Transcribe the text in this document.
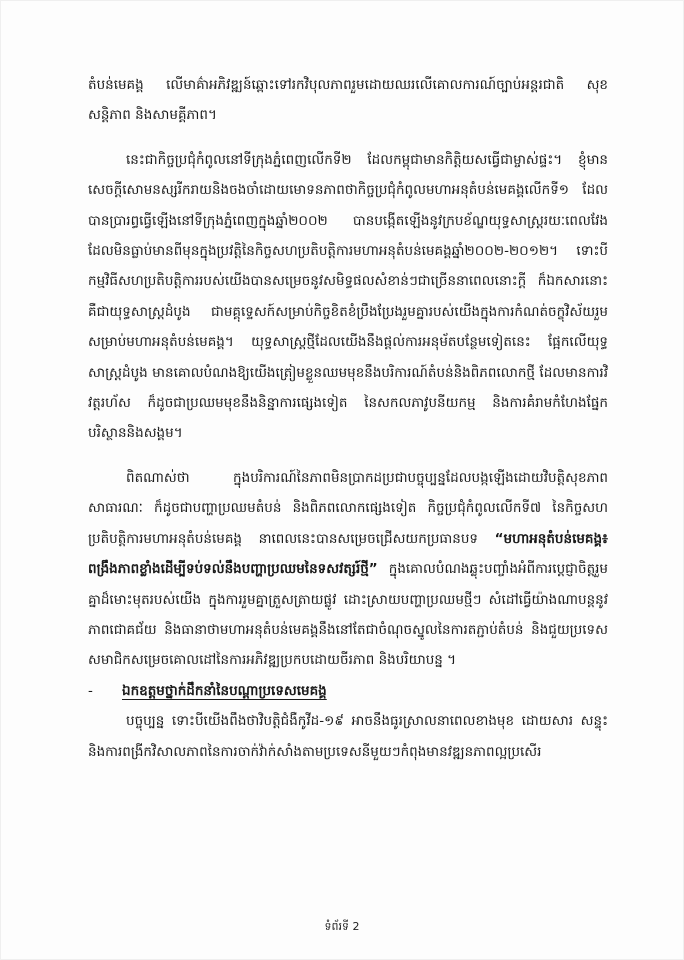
តំបន់មេគង្គ លើមាគ៌ាអភិវឌ្ឍន៍ឆ្ពោះទៅរកវិបុលភាពរួមដោយឈរលើគោលការណ៍ច្បាប់អន្តរជាតិ សុខសន្តិភាព និងសាមគ្គីភាព។

នេះជាកិច្ចប្រជុំកំពូលនៅទីក្រុងភ្នំពេញលើកទី២ ដែលកម្ពុជាមានកិត្តិយសធ្វើជាម្ចាស់ផ្ទះ។ ខ្ញុំមានសេចក្តីសោមនស្សរីករាយនិងចងចាំដោយមោទនភាពថាកិច្ចប្រជុំកំពូលមហាអនុតំបន់មេគង្គលើកទី១ ដែលបានប្រារព្ធធ្វើឡើងនៅទីក្រុងភ្នំពេញក្នុងឆ្នាំ២០០២ បានបង្កើតឡើងនូវក្របខ័ណ្ឌយុទ្ធសាស្ត្ររយៈពេលវែង ដែលមិនធ្លាប់មានពីមុនក្នុងប្រវត្តិនៃកិច្ចសហប្រតិបត្តិការមហាអនុតំបន់មេគង្គឆ្នាំ២០០២-២០១២។ ទោះបីកម្មវិធីសហប្រតិបត្តិការរបស់យើងបានសម្រេចនូវសមិទ្ធផលសំខាន់ៗជាច្រើននាពេលនោះក្តី ក៏ឯកសារនោះគឺជាយុទ្ធសាស្ត្រដំបូង ជាមគ្គុទ្ទេសក៍សម្រាប់កិច្ចខិតខំប្រឹងប្រែងរួមគ្នារបស់យើងក្នុងការកំណត់ចក្ខុវិស័យរួមសម្រាប់មហាអនុតំបន់មេគង្គ។ យុទ្ធសាស្ត្រថ្មីដែលយើងនឹងផ្តល់ការអនុម័តបន្ថែមទៀតនេះ ផ្អែកលើយុទ្ធសាស្ត្រដំបូង មានគោលបំណងឱ្យយើងត្រៀមខ្លួនឈមមុខនឹងបរិការណ៍តំបន់និងពិភពលោកថ្មី ដែលមានការវិវត្តរហ័ស ក៏ដូចជាប្រឈមមុខនឹងនិន្នាការផ្សេងទៀត នៃសកលភាវូបនីយកម្ម និងការគំរាមកំហែងផ្នែកបរិស្ថាននិងសង្គម។

ពិតណាស់ថា ក្នុងបរិការណ៍នៃភាពមិនប្រាកដប្រជាបច្ចុប្បន្នដែលបង្កឡើងដោយវិបត្តិសុខភាពសាធារណៈ ក៏ដូចជាបញ្ហាប្រឈមតំបន់ និងពិភពលោកផ្សេងទៀត កិច្ចប្រជុំកំពូលលើកទី៧ នៃកិច្ចសហប្រតិបត្តិការមហាអនុតំបន់មេគង្គ នាពេលនេះបានសម្រេចជ្រើសយកប្រធានបទ “មហាអនុតំបន់មេគង្គ៖ ពង្រឹងភាពខ្លាំងដើម្បីទប់ទល់នឹងបញ្ហាប្រឈមនៃទសវត្សរ៍ថ្មី” ក្នុងគោលបំណងឆ្លុះបញ្ចាំងអំពីការប្តេជ្ញាចិត្តរួមគ្នាដ៏មោះមុតរបស់យើង ក្នុងការរួមគ្នាត្រួសត្រាយផ្លូវ ដោះស្រាយបញ្ហាប្រឈមថ្មីៗ សំដៅធ្វើយ៉ាងណាបន្តនូវភាពជោគជ័យ និងធានាថាមហាអនុតំបន់មេគង្គនឹងនៅតែជាចំណុចស្នូលនៃការតភ្ជាប់តំបន់ និងជួយប្រទេសសមាជិកសម្រេចគោលដៅនៃការអភិវឌ្ឍប្រកបដោយចីរភាព និងបរិយាបន្ន ។

-	ឯកឧត្តមថ្នាក់ដឹកនាំនៃបណ្តាប្រទេសមេគង្គ

បច្ចុប្បន្ន ទោះបីយើងពឹងថាវិបត្តិជំងឺកូវីដ-១៩ អាចនឹងធូរស្រាលនាពេលខាងមុខ ដោយសារ សន្ទុះនិងការពង្រីកវិសាលភាពនៃការចាក់វ៉ាក់សាំងតាមប្រទេសនីមួយៗកំពុងមានវឌ្ឍនភាពល្អប្រសើរ

ទំព័រទី 2
